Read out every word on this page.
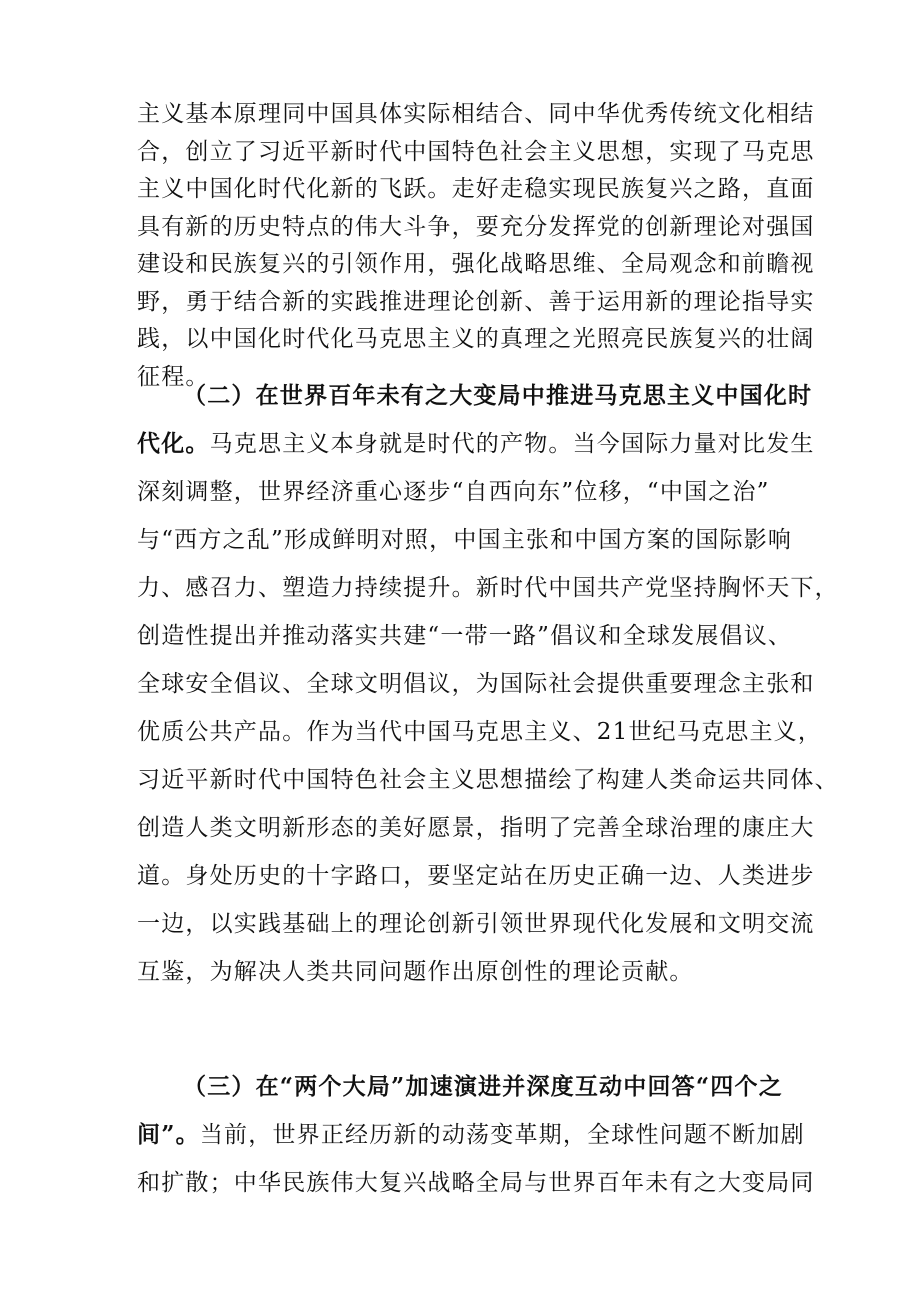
主义基本原理同中国具体实际相结合、同中华优秀传统文化相结
合，创立了习近平新时代中国特色社会主义思想，实现了马克思
主义中国化时代化新的飞跃。走好走稳实现民族复兴之路，直面
具有新的历史特点的伟大斗争，要充分发挥党的创新理论对强国
建设和民族复兴的引领作用，强化战略思维、全局观念和前瞻视
野，勇于结合新的实践推进理论创新、善于运用新的理论指导实
践，以中国化时代化马克思主义的真理之光照亮民族复兴的壮阔
征程。
（二）在世界百年未有之大变局中推进马克思主义中国化时
代化。马克思主义本身就是时代的产物。当今国际力量对比发生
深刻调整，世界经济重心逐步“自西向东”位移，“中国之治”
与“西方之乱”形成鲜明对照，中国主张和中国方案的国际影响
力、感召力、塑造力持续提升。新时代中国共产党坚持胸怀天下，
创造性提出并推动落实共建“一带一路”倡议和全球发展倡议、
全球安全倡议、全球文明倡议，为国际社会提供重要理念主张和
优质公共产品。作为当代中国马克思主义、21世纪马克思主义，
习近平新时代中国特色社会主义思想描绘了构建人类命运共同体、
创造人类文明新形态的美好愿景，指明了完善全球治理的康庄大
道。身处历史的十字路口，要坚定站在历史正确一边、人类进步
一边，以实践基础上的理论创新引领世界现代化发展和文明交流
互鉴，为解决人类共同问题作出原创性的理论贡献。
（三）在“两个大局”加速演进并深度互动中回答“四个之
间”。当前，世界正经历新的动荡变革期，全球性问题不断加剧
和扩散；中华民族伟大复兴战略全局与世界百年未有之大变局同
